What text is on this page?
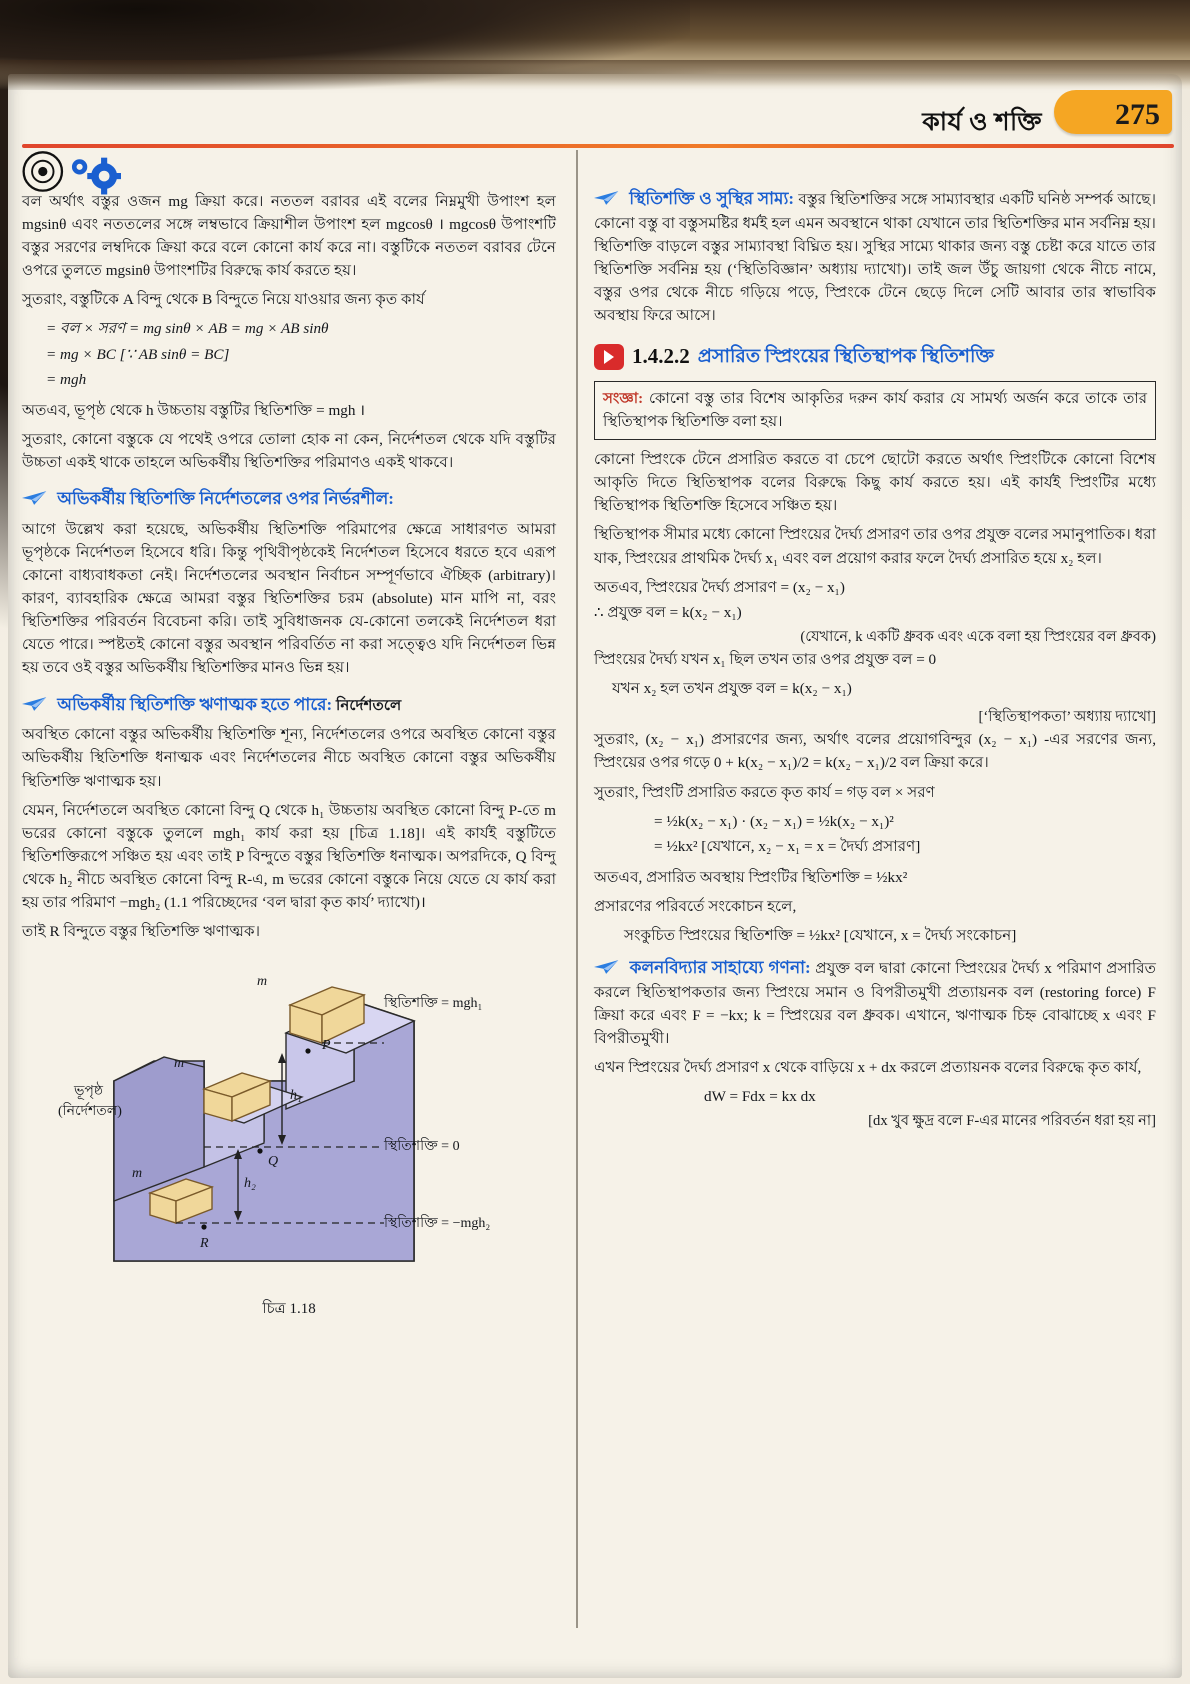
275
কার্য ও শক্তি

বল অর্থাৎ বস্তুর ওজন mg ক্রিয়া করে। নততল বরাবর এই বলের নিম্নমুখী উপাংশ হল mgsinθ এবং নততলের সঙ্গে লম্বভাবে ক্রিয়াশীল উপাংশ হল mgcosθ । mgcosθ উপাংশটি বস্তুর সরণের লম্বদিকে ক্রিয়া করে বলে কোনো কার্য করে না। বস্তুটিকে নততল বরাবর টেনে ওপরে তুলতে mgsinθ উপাংশটির বিরুদ্ধে কার্য করতে হয়।

সুতরাং, বস্তুটিকে A বিন্দু থেকে B বিন্দুতে নিয়ে যাওয়ার জন্য কৃত কার্য

= বল × সরণ = mg sinθ × AB = mg × AB sinθ
= mg × BC [∵ AB sinθ = BC]
= mgh

অতএব, ভূপৃষ্ঠ থেকে h উচ্চতায় বস্তুটির স্থিতিশক্তি = mgh ।

সুতরাং, কোনো বস্তুকে যে পথেই ওপরে তোলা হোক না কেন, নির্দেশতল থেকে যদি বস্তুটির উচ্চতা একই থাকে তাহলে অভিকর্ষীয় স্থিতিশক্তির পরিমাণও একই থাকবে।

অভিকর্ষীয় স্থিতিশক্তি নির্দেশতলের ওপর নির্ভরশীল:

আগে উল্লেখ করা হয়েছে, অভিকর্ষীয় স্থিতিশক্তি পরিমাপের ক্ষেত্রে সাধারণত আমরা ভূপৃষ্ঠকে নির্দেশতল হিসেবে ধরি। কিন্তু পৃথিবীপৃষ্ঠকেই নির্দেশতল হিসেবে ধরতে হবে এরূপ কোনো বাধ্যবাধকতা নেই। নির্দেশতলের অবস্থান নির্বাচন সম্পূর্ণভাবে ঐচ্ছিক (arbitrary)। কারণ, ব্যাবহারিক ক্ষেত্রে আমরা বস্তুর স্থিতিশক্তির চরম (absolute) মান মাপি না, বরং স্থিতিশক্তির পরিবর্তন বিবেচনা করি। তাই সুবিধাজনক যে-কোনো তলকেই নির্দেশতল ধরা যেতে পারে। স্পষ্টতই কোনো বস্তুর অবস্থান পরিবর্তিত না করা সত্ত্বেও যদি নির্দেশতল ভিন্ন হয় তবে ওই বস্তুর অভিকর্ষীয় স্থিতিশক্তির মানও ভিন্ন হয়।

অভিকর্ষীয় স্থিতিশক্তি ঋণাত্মক হতে পারে: নির্দেশতলে

অবস্থিত কোনো বস্তুর অভিকর্ষীয় স্থিতিশক্তি শূন্য, নির্দেশতলের ওপরে অবস্থিত কোনো বস্তুর অভিকর্ষীয় স্থিতিশক্তি ধনাত্মক এবং নির্দেশতলের নীচে অবস্থিত কোনো বস্তুর অভিকর্ষীয় স্থিতিশক্তি ঋণাত্মক হয়।

যেমন, নির্দেশতলে অবস্থিত কোনো বিন্দু Q থেকে h₁ উচ্চতায় অবস্থিত কোনো বিন্দু P-তে m ভরের কোনো বস্তুকে তুললে mgh₁ কার্য করা হয় [চিত্র 1.18]। এই কার্যই বস্তুটিতে স্থিতিশক্তিরূপে সঞ্চিত হয় এবং তাই P বিন্দুতে বস্তুর স্থিতিশক্তি ধনাত্মক। অপরদিকে, Q বিন্দু থেকে h₂ নীচে অবস্থিত কোনো বিন্দু R-এ, m ভরের কোনো বস্তুকে নিয়ে যেতে যে কার্য করা হয় তার পরিমাণ −mgh₂ (1.1 পরিচ্ছেদের ‘বল দ্বারা কৃত কার্য’ দ্যাখো)।

তাই R বিন্দুতে বস্তুর স্থিতিশক্তি ঋণাত্মক।

m
স্থিতিশক্তি = mgh₁
P
h₁
ভূপৃষ্ঠ
(নির্দেশতল)
m
স্থিতিশক্তি = 0
Q
m
h₂
স্থিতিশক্তি = −mgh₂
R
চিত্র 1.18

স্থিতিশক্তি ও সুস্থির সাম্য: বস্তুর স্থিতিশক্তির সঙ্গে সাম্যাবস্থার একটি ঘনিষ্ঠ সম্পর্ক আছে। কোনো বস্তু বা বস্তুসমষ্টির ধর্মই হল এমন অবস্থানে থাকা যেখানে তার স্থিতিশক্তির মান সর্বনিম্ন হয়। স্থিতিশক্তি বাড়লে বস্তুর সাম্যাবস্থা বিঘ্নিত হয়। সুস্থির সাম্যে থাকার জন্য বস্তু চেষ্টা করে যাতে তার স্থিতিশক্তি সর্বনিম্ন হয় (‘স্থিতিবিজ্ঞান’ অধ্যায় দ্যাখো)। তাই জল উঁচু জায়গা থেকে নীচে নামে, বস্তুর ওপর থেকে নীচে গড়িয়ে পড়ে, স্প্রিংকে টেনে ছেড়ে দিলে সেটি আবার তার স্বাভাবিক অবস্থায় ফিরে আসে।

1.4.2.2 প্রসারিত স্প্রিংয়ের স্থিতিস্থাপক স্থিতিশক্তি
সংজ্ঞা: কোনো বস্তু তার বিশেষ আকৃতির দরুন কার্য করার যে সামর্থ্য অর্জন করে তাকে তার স্থিতিস্থাপক স্থিতিশক্তি বলা হয়।

কোনো স্প্রিংকে টেনে প্রসারিত করতে বা চেপে ছোটো করতে অর্থাৎ স্প্রিংটিকে কোনো বিশেষ আকৃতি দিতে স্থিতিস্থাপক বলের বিরুদ্ধে কিছু কার্য করতে হয়। এই কার্যই স্প্রিংটির মধ্যে স্থিতিস্থাপক স্থিতিশক্তি হিসেবে সঞ্চিত হয়।

স্থিতিস্থাপক সীমার মধ্যে কোনো স্প্রিংয়ের দৈর্ঘ্য প্রসারণ তার ওপর প্রযুক্ত বলের সমানুপাতিক। ধরা যাক, স্প্রিংয়ের প্রাথমিক দৈর্ঘ্য x₁ এবং বল প্রয়োগ করার ফলে দৈর্ঘ্য প্রসারিত হয়ে x₂ হল।

অতএব, স্প্রিংয়ের দৈর্ঘ্য প্রসারণ = (x₂ − x₁)
∴ প্রযুক্ত বল = k(x₂ − x₁)
(যেখানে, k একটি ধ্রুবক এবং একে বলা হয় স্প্রিংয়ের বল ধ্রুবক)

স্প্রিংয়ের দৈর্ঘ্য যখন x₁ ছিল তখন তার ওপর প্রযুক্ত বল = 0

যখন x₂ হল তখন প্রযুক্ত বল = k(x₂ − x₁)

[‘স্থিতিস্থাপকতা’ অধ্যায় দ্যাখো]

সুতরাং, (x₂ − x₁) প্রসারণের জন্য, অর্থাৎ বলের প্রয়োগবিন্দুর (x₂ − x₁) -এর সরণের জন্য, স্প্রিংয়ের ওপর গড়ে 0 + k(x₂ − x₁)/2 = k(x₂ − x₁)/2 বল ক্রিয়া করে।

সুতরাং, স্প্রিংটি প্রসারিত করতে কৃত কার্য = গড় বল × সরণ

= ½k(x₂ − x₁) · (x₂ − x₁) = ½k(x₂ − x₁)²
= ½kx² [যেখানে, x₂ − x₁ = x = দৈর্ঘ্য প্রসারণ]

অতএব, প্রসারিত অবস্থায় স্প্রিংটির স্থিতিশক্তি = ½kx²

প্রসারণের পরিবর্তে সংকোচন হলে,

সংকুচিত স্প্রিংয়ের স্থিতিশক্তি = ½kx² [যেখানে, x = দৈর্ঘ্য সংকোচন]

কলনবিদ্যার সাহায্যে গণনা: প্রযুক্ত বল দ্বারা কোনো স্প্রিংয়ের দৈর্ঘ্য x পরিমাণ প্রসারিত করলে স্থিতিস্থাপকতার জন্য স্প্রিংয়ে সমান ও বিপরীতমুখী প্রত্যায়নক বল (restoring force) F ক্রিয়া করে এবং F = −kx; k = স্প্রিংয়ের বল ধ্রুবক। এখানে, ঋণাত্মক চিহ্ন বোঝাচ্ছে x এবং F বিপরীতমুখী।

এখন স্প্রিংয়ের দৈর্ঘ্য প্রসারণ x থেকে বাড়িয়ে x + dx করলে প্রত্যায়নক বলের বিরুদ্ধে কৃত কার্য,

dW = Fdx = kx dx
[dx খুব ক্ষুদ্র বলে F-এর মানের পরিবর্তন ধরা হয় না]
